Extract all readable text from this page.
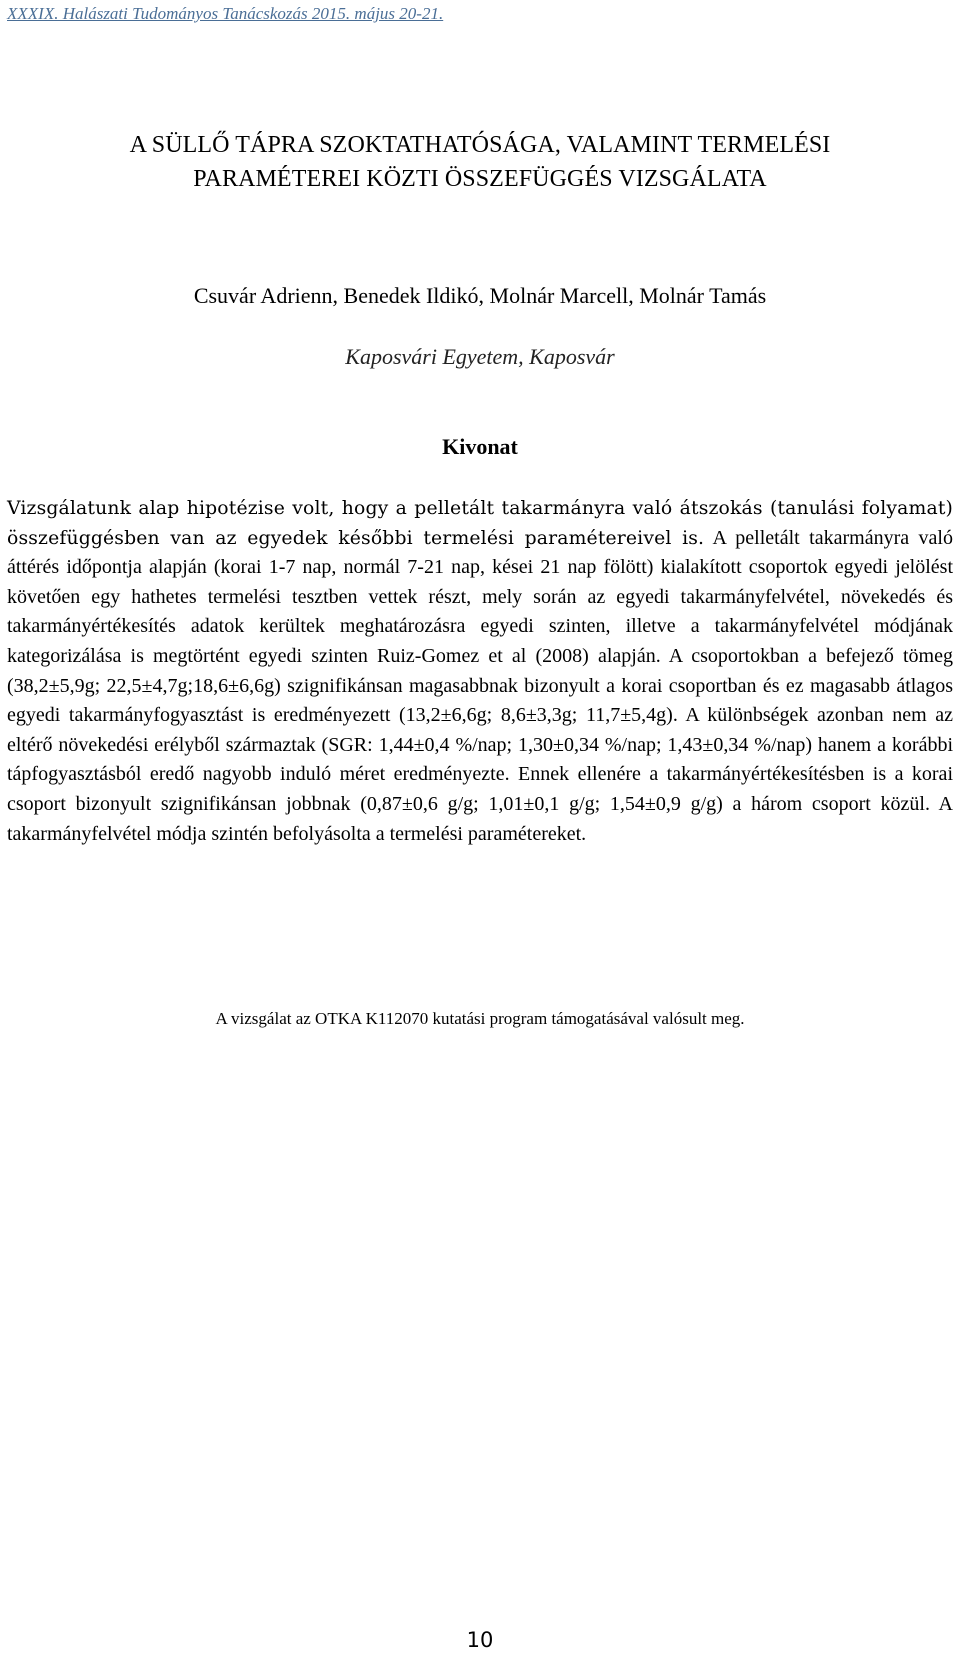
XXXIX. Halászati Tudományos Tanácskozás 2015. május 20-21.

A SÜLLŐ TÁPRA SZOKTATHATÓSÁGA, VALAMINT TERMELÉSI
PARAMÉTEREI KÖZTI ÖSSZEFÜGGÉS VIZSGÁLATA

Csuvár Adrienn, Benedek Ildikó, Molnár Marcell, Molnár Tamás

Kaposvári Egyetem, Kaposvár

Kivonat

Vizsgálatunk alap hipotézise volt, hogy a pelletált takarmányra való átszokás (tanulási folyamat) összefüggésben van az egyedek későbbi termelési paramétereivel is. A pelletált takarmányra való áttérés időpontja alapján (korai 1-7 nap, normál 7-21 nap, kései 21 nap fölött) kialakított csoportok egyedi jelölést követően egy hathetes termelési tesztben vettek részt, mely során az egyedi takarmányfelvétel, növekedés és takarmányértékesítés adatok kerültek meghatározásra egyedi szinten, illetve a takarmányfelvétel módjának kategorizálása is megtörtént egyedi szinten Ruiz-Gomez et al (2008) alapján. A csoportokban a befejező tömeg (38,2±5,9g; 22,5±4,7g;18,6±6,6g) szignifikánsan magasabbnak bizonyult a korai csoportban és ez magasabb átlagos egyedi takarmányfogyasztást is eredményezett (13,2±6,6g; 8,6±3,3g; 11,7±5,4g). A különbségek azonban nem az eltérő növekedési erélyből származtak (SGR: 1,44±0,4 %/nap; 1,30±0,34 %/nap; 1,43±0,34 %/nap) hanem a korábbi tápfogyasztásból eredő nagyobb induló méret eredményezte. Ennek ellenére a takarmányértékesítésben is a korai csoport bizonyult szignifikánsan jobbnak (0,87±0,6 g/g; 1,01±0,1 g/g; 1,54±0,9 g/g) a három csoport közül. A takarmányfelvétel módja szintén befolyásolta a termelési paramétereket.

A vizsgálat az OTKA K112070 kutatási program támogatásával valósult meg.

10
